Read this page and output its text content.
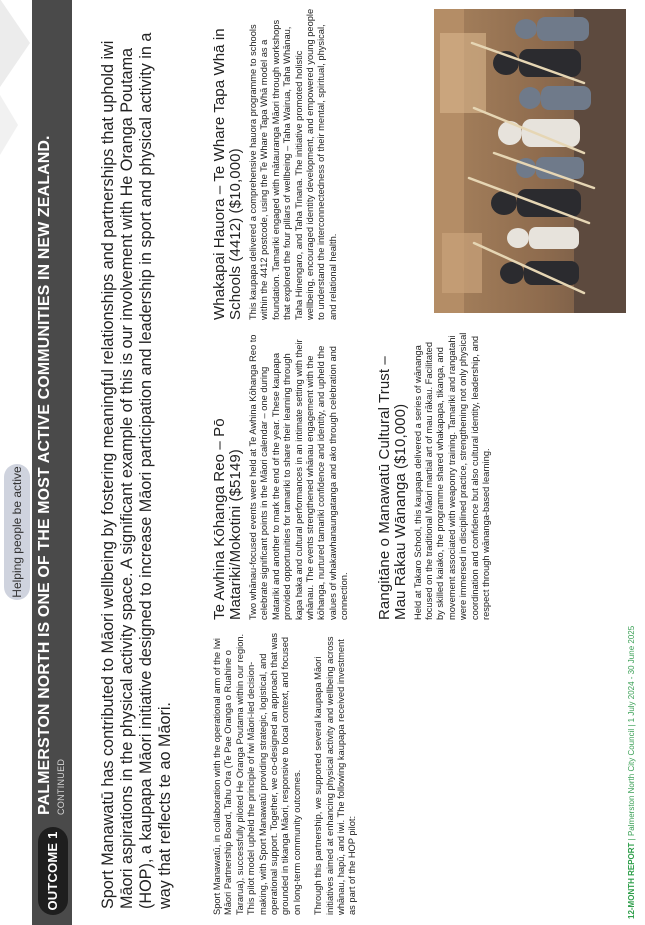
Helping people be active
OUTCOME 1
PALMERSTON NORTH IS ONE OF THE MOST ACTIVE COMMUNITIES IN NEW ZEALAND. CONTINUED Sport Manawatū has contributed to Māori wellbeing by fostering meaningful relationships and partnerships that uphold iwi Māori aspirations in the physical activity space. A significant example of this is our involvement with He Oranga Poutama (HOP), a kaupapa Māori initiative designed to increase Māori participation and leadership in sport and physical activity in a way that reflects te ao Māori.	Sport Manawatū, in collaboration with the operational arm of the Iwi Māori Partnership Board, Tahu Ora (Te Pae Oranga o Ruahine o Tararua), successfully piloted He Oranga Poutama within our region. This pilot model upheld the principle of iwi Māori-led decision-making, with Sport Manawatū providing strategic, logistical, and operational support. Together, we co-designed an approach that was grounded in tikanga Māori, responsive to local context, and focused on long-term community outcomes. Through this partnership, we supported several kaupapa Māori initiatives aimed at enhancing physical activity and wellbeing across whānau, hapū, and iwi. The following kaupapa received investment as part of the HOP pilot:

Te Awhina Kōhanga Reo – Pō Matariki/Mokotini ($5149) Two whānau-focused events were held at Te Awhina Kōhanga Reo to celebrate significant points in the Māori calendar – one during Matariki and another to mark the end of the year. These kaupapa provided opportunities for tamariki to share their learning through kapa haka and cultural performances in an intimate setting with their whānau. The events strengthened whānau engagement with the kōhanga, nurtured tamariki confidence and identity, and upheld the values of whakawhanaungatanga and ako through celebration and connection. Rangitāne o Manawatū Cultural Trust – Mau Rākau Wānanga ($10,000) Held at Takaro School, this kaupapa delivered a series of wānanga focused on the traditional Māori martial art of mau rākau. Facilitated by skilled kaiako, the programme shared whakapapa, tikanga, and movement associated with weaponry training. Tamariki and rangatahi were immersed in disciplined practice, strengthening not only physical coordination and confidence but also cultural identity, leadership, and respect through wānanga-based learning.

Whakapai Hauora – Te Whare Tapa Whā in Schools (4412) ($10,000) This kaupapa delivered a comprehensive hauora programme to schools within the 4412 postcode, using the Te Whare Tapa Whā model as a foundation. Tamariki engaged with mātauranga Māori through workshops that explored the four pillars of wellbeing – Taha Wairua, Taha Whānau, Taha Hinengaro, and Taha Tinana. The initiative promoted holistic wellbeing, encouraged identity development, and empowered young people to understand the interconnectedness of their mental, spiritual, physical, and relational health.

12-MONTH REPORT | Palmerston North City Council | 1 July 2024 - 30 June 2025
